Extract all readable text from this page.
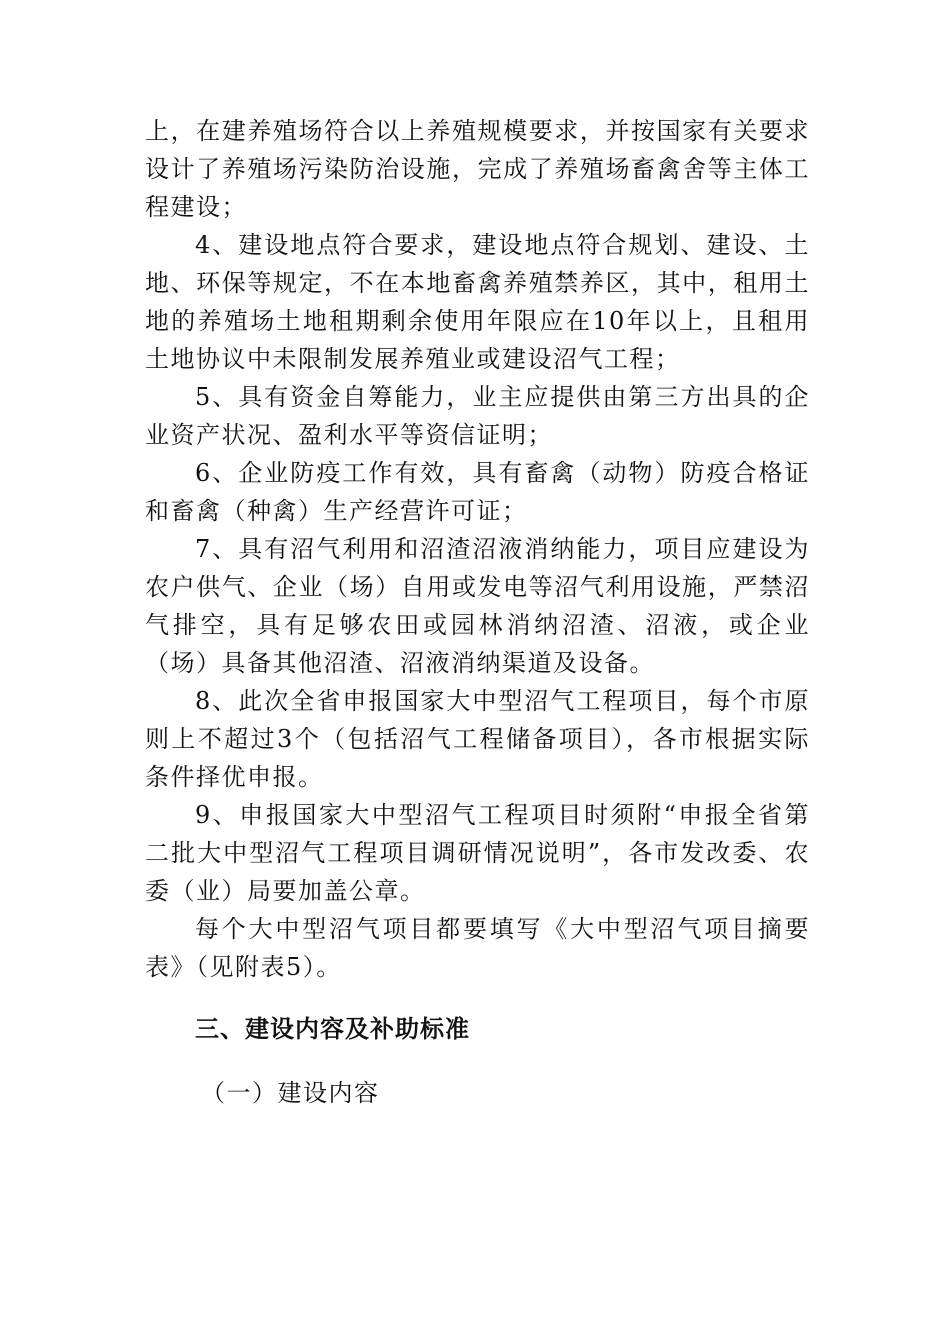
上，在建养殖场符合以上养殖规模要求，并按国家有关要求设计了养殖场污染防治设施，完成了养殖场畜禽舍等主体工程建设；

4、建设地点符合要求，建设地点符合规划、建设、土地、环保等规定，不在本地畜禽养殖禁养区，其中，租用土地的养殖场土地租期剩余使用年限应在10年以上，且租用土地协议中未限制发展养殖业或建设沼气工程；

5、具有资金自筹能力，业主应提供由第三方出具的企业资产状况、盈利水平等资信证明；

6、企业防疫工作有效，具有畜禽（动物）防疫合格证和畜禽（种禽）生产经营许可证；

7、具有沼气利用和沼渣沼液消纳能力，项目应建设为农户供气、企业（场）自用或发电等沼气利用设施，严禁沼气排空，具有足够农田或园林消纳沼渣、沼液，或企业（场）具备其他沼渣、沼液消纳渠道及设备。

8、此次全省申报国家大中型沼气工程项目，每个市原则上不超过3个（包括沼气工程储备项目），各市根据实际条件择优申报。

9、申报国家大中型沼气工程项目时须附“申报全省第二批大中型沼气工程项目调研情况说明”，各市发改委、农委（业）局要加盖公章。

每个大中型沼气项目都要填写《大中型沼气项目摘要表》（见附表5）。

三、建设内容及补助标准

（一）建设内容
